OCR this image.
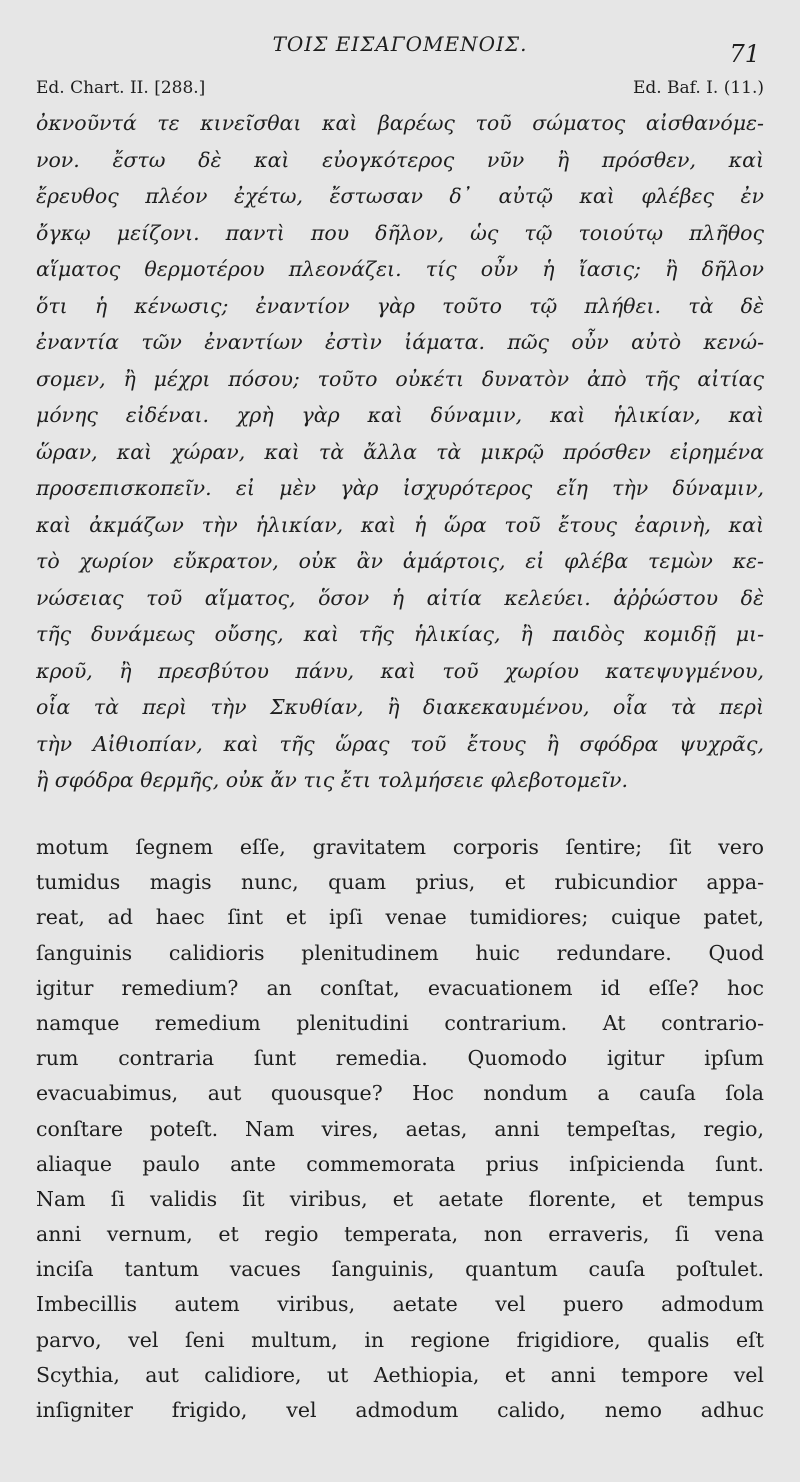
ΤΟΙΣ ΕΙΣΑΓΟΜΕΝΟΙΣ.	71
Ed. Chart. II. [288.]	Ed. Baf. I. (11.)
ὀκνοῦντά τε κινεῖσθαι καὶ βαρέως τοῦ σώματος αἰσθανόμε-
νον. ἔστω δὲ καὶ εὐογκότερος νῦν ἢ πρόσθεν, καὶ
ἔρευθος πλέον ἐχέτω, ἔστωσαν δ᾽ αὐτῷ καὶ φλέβες ἐν
ὄγκῳ μείζονι. παντὶ που δῆλον, ὡς τῷ τοιούτῳ πλῆθος
αἵματος θερμοτέρου πλεονάζει. τίς οὖν ἡ ἴασις; ἢ δῆλον
ὅτι ἡ κένωσις; ἐναντίον γὰρ τοῦτο τῷ πλήθει. τὰ δὲ
ἐναντία τῶν ἐναντίων ἐστὶν ἰάματα. πῶς οὖν αὐτὸ κενώ-
σομεν, ἢ μέχρι πόσου; τοῦτο οὐκέτι δυνατὸν ἀπὸ τῆς αἰτίας
μόνης εἰδέναι. χρὴ γὰρ καὶ δύναμιν, καὶ ἡλικίαν, καὶ
ὥραν, καὶ χώραν, καὶ τὰ ἄλλα τὰ μικρῷ πρόσθεν εἰρημένα
προσεπισκοπεῖν. εἰ μὲν γὰρ ἰσχυρότερος εἴη τὴν δύναμιν,
καὶ ἀκμάζων τὴν ἡλικίαν, καὶ ἡ ὥρα τοῦ ἔτους ἐαρινὴ, καὶ
τὸ χωρίον εὔκρατον, οὐκ ἂν ἁμάρτοις, εἰ φλέβα τεμὼν κε-
νώσειας τοῦ αἵματος, ὅσον ἡ αἰτία κελεύει. ἀῤῥώστου δὲ
τῆς δυνάμεως οὔσης, καὶ τῆς ἡλικίας, ἢ παιδὸς κομιδῇ μι-
κροῦ, ἢ πρεσβύτου πάνυ, καὶ τοῦ χωρίου κατεψυγμένου,
οἷα τὰ περὶ τὴν Σκυθίαν, ἢ διακεκαυμένου, οἷα τὰ περὶ
τὴν Αἰθιοπίαν, καὶ τῆς ὥρας τοῦ ἔτους ἢ σφόδρα ψυχρᾶς,
ἢ σφόδρα θερμῆς, οὐκ ἄν τις ἔτι τολμήσειε φλεβοτομεῖν.
motum ſegnem eſſe, gravitatem corporis ſentire; ſit vero
tumidus magis nunc, quam prius, et rubicundior appa-
reat, ad haec ſint et ipſi venae tumidiores; cuique patet,
ſanguinis calidioris plenitudinem huic redundare. Quod
igitur remedium? an conſtat, evacuationem id eſſe? hoc
namque remedium plenitudini contrarium. At contrario-
rum contraria ſunt remedia. Quomodo igitur ipſum
evacuabimus, aut quousque? Hoc nondum a cauſa ſola
conſtare poteſt. Nam vires, aetas, anni tempeſtas, regio,
aliaque paulo ante commemorata prius inſpicienda ſunt.
Nam ſi validis ſit viribus, et aetate florente, et tempus
anni vernum, et regio temperata, non erraveris, ſi vena
inciſa tantum vacues ſanguinis, quantum cauſa poſtulet.
Imbecillis autem viribus, aetate vel puero admodum
parvo, vel ſeni multum, in regione frigidiore, qualis eſt
Scythia, aut calidiore, ut Aethiopia, et anni tempore vel
inſigniter frigido, vel admodum calido, nemo adhuc
